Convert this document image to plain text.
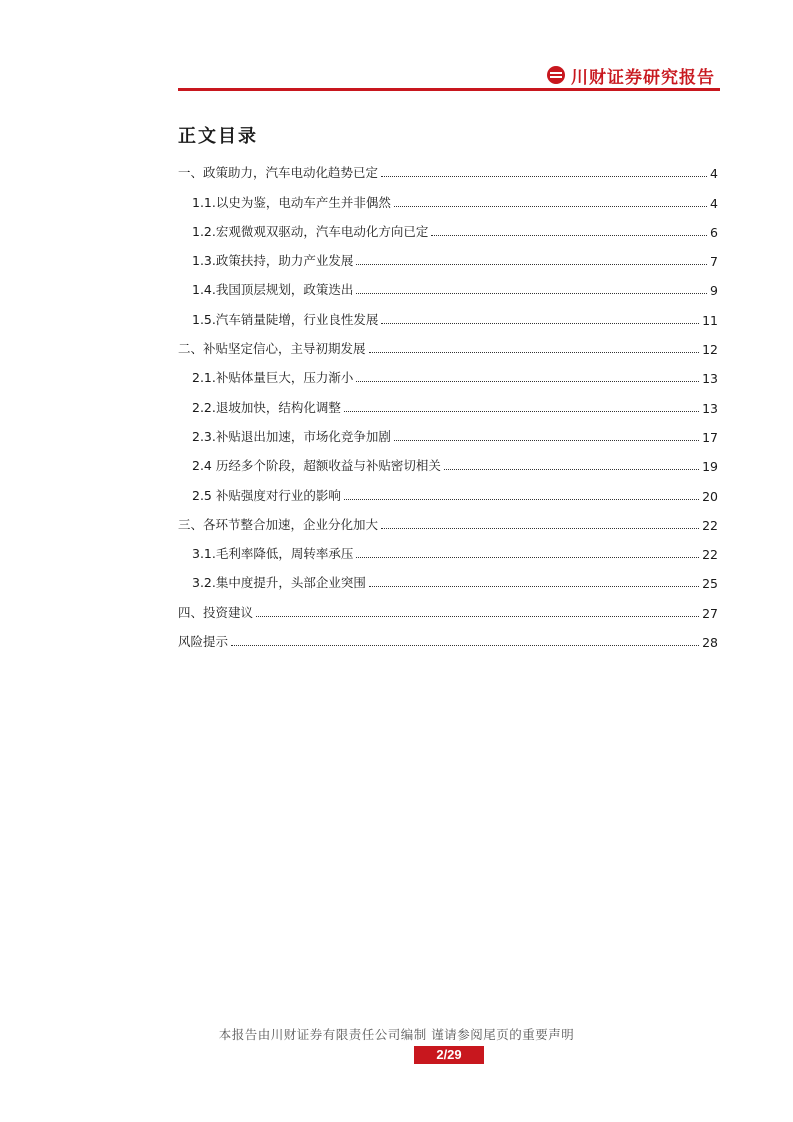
川财证券研究报告
正文目录
一、政策助力，汽车电动化趋势已定	4
1.1.以史为鉴，电动车产生并非偶然	4
1.2.宏观微观双驱动，汽车电动化方向已定	6
1.3.政策扶持，助力产业发展	7
1.4.我国顶层规划，政策迭出	9
1.5.汽车销量陡增，行业良性发展	11
二、补贴坚定信心，主导初期发展	12
2.1.补贴体量巨大，压力渐小	13
2.2.退坡加快，结构化调整	13
2.3.补贴退出加速，市场化竞争加剧	17
2.4 历经多个阶段，超额收益与补贴密切相关	19
2.5 补贴强度对行业的影响	20
三、各环节整合加速，企业分化加大	22
3.1.毛利率降低，周转率承压	22
3.2.集中度提升，头部企业突围	25
四、投资建议	27
风险提示	28
本报告由川财证券有限责任公司编制 谨请参阅尾页的重要声明
2/29
